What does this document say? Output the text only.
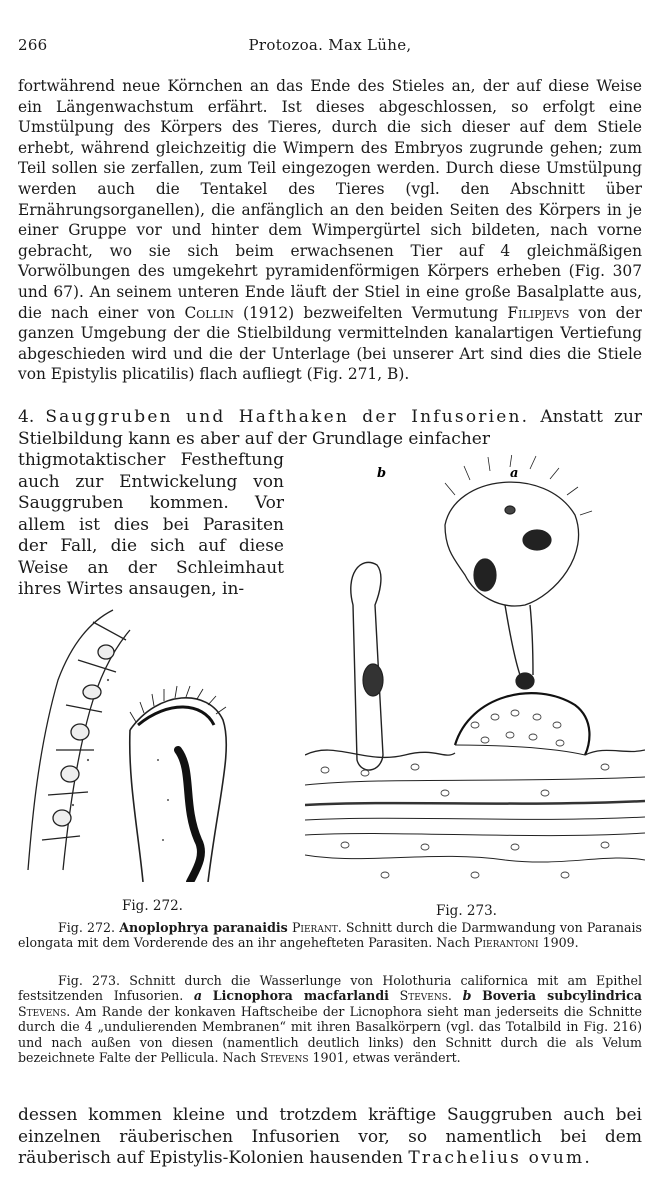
266	Protozoa. Max Lühe,
fortwährend neue Körnchen an das Ende des Stieles an, der auf diese Weise ein Längenwachstum erfährt. Ist dieses abgeschlossen, so erfolgt eine Umstülpung des Körpers des Tieres, durch die sich dieser auf dem Stiele erhebt, während gleichzeitig die Wimpern des Embryos zugrunde gehen; zum Teil sollen sie zerfallen, zum Teil eingezogen werden. Durch diese Umstülpung werden auch die Tentakel des Tieres (vgl. den Abschnitt über Ernährungsorganellen), die anfänglich an den beiden Seiten des Körpers in je einer Gruppe vor und hinter dem Wimpergürtel sich bildeten, nach vorne gebracht, wo sie sich beim erwachsenen Tier auf 4 gleichmäßigen Vorwölbungen des umgekehrt pyramidenförmigen Körpers erheben (Fig. 307 und 67). An seinem unteren Ende läuft der Stiel in eine große Basalplatte aus, die nach einer von Collin (1912) bezweifelten Vermutung Filipjevs von der ganzen Umgebung der die Stielbildung vermittelnden kanalartigen Vertiefung abgeschieden wird und die der Unterlage (bei unserer Art sind dies die Stiele von Epistylis plicatilis) flach aufliegt (Fig. 271, B).
4. Sauggruben und Hafthaken der Infusorien. Anstatt zur Stielbildung kann es aber auf der Grundlage einfacher
thigmotaktischer Festheftung auch zur Entwickelung von Sauggruben kommen. Vor allem ist dies bei Parasiten der Fall, die sich auf diese Weise an der Schleimhaut ihres Wirtes ansaugen, in-
b	a
Fig. 272.	Fig. 273.
Fig. 272. Anoplophrya paranaidis Pierant. Schnitt durch die Darmwandung von Paranais elongata mit dem Vorderende des an ihr angehefteten Parasiten. Nach Pierantoni 1909.
Fig. 273. Schnitt durch die Wasserlunge von Holothuria californica mit am Epithel festsitzenden Infusorien. a Licnophora macfarlandi Stevens. b Boveria subcylindrica Stevens. Am Rande der konkaven Haftscheibe der Licnophora sieht man jederseits die Schnitte durch die 4 „undulierenden Membranen“ mit ihren Basalkörpern (vgl. das Totalbild in Fig. 216) und nach außen von diesen (namentlich deutlich links) den Schnitt durch die als Velum bezeichnete Falte der Pellicula. Nach Stevens 1901, etwas verändert.
dessen kommen kleine und trotzdem kräftige Sauggruben auch bei einzelnen räuberischen Infusorien vor, so namentlich bei dem räuberisch auf Epistylis-Kolonien hausenden Trachelius ovum.
